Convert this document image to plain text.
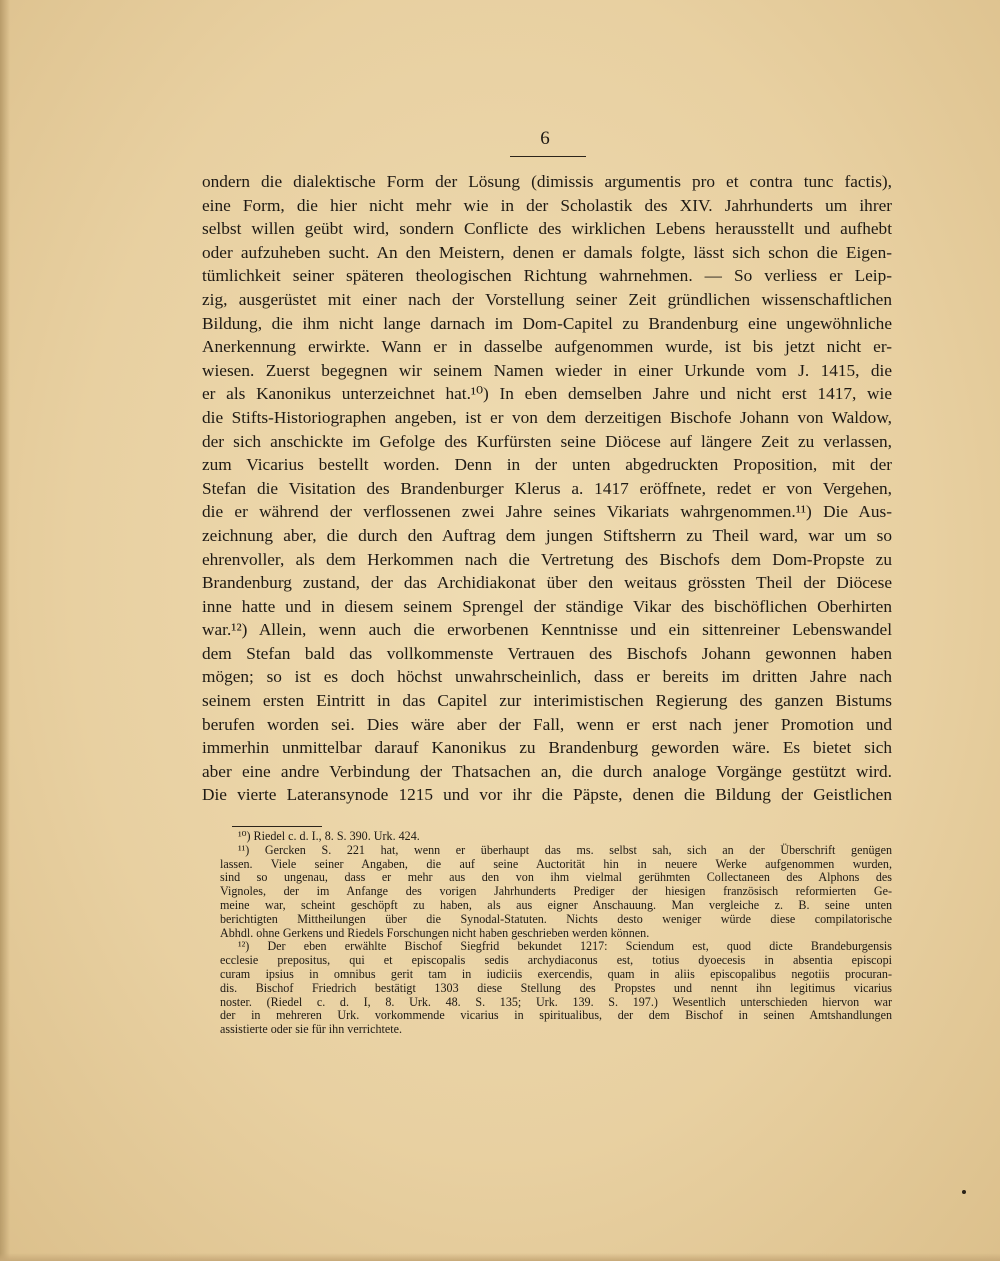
6
ondern die dialektische Form der Lösung (dimissis argumentis pro et contra tunc factis),
eine Form, die hier nicht mehr wie in der Scholastik des XIV. Jahrhunderts um ihrer
selbst willen geübt wird, sondern Conflicte des wirklichen Lebens herausstellt und aufhebt
oder aufzuheben sucht. An den Meistern, denen er damals folgte, lässt sich schon die Eigen-
tümlichkeit seiner späteren theologischen Richtung wahrnehmen. — So verliess er Leip-
zig, ausgerüstet mit einer nach der Vorstellung seiner Zeit gründlichen wissenschaftlichen
Bildung, die ihm nicht lange darnach im Dom-Capitel zu Brandenburg eine ungewöhnliche
Anerkennung erwirkte. Wann er in dasselbe aufgenommen wurde, ist bis jetzt nicht er-
wiesen. Zuerst begegnen wir seinem Namen wieder in einer Urkunde vom J. 1415, die
er als Kanonikus unterzeichnet hat.¹⁰) In eben demselben Jahre und nicht erst 1417, wie
die Stifts-Historiographen angeben, ist er von dem derzeitigen Bischofe Johann von Waldow,
der sich anschickte im Gefolge des Kurfürsten seine Diöcese auf längere Zeit zu verlassen,
zum Vicarius bestellt worden. Denn in der unten abgedruckten Proposition, mit der
Stefan die Visitation des Brandenburger Klerus a. 1417 eröffnete, redet er von Vergehen,
die er während der verflossenen zwei Jahre seines Vikariats wahrgenommen.¹¹) Die Aus-
zeichnung aber, die durch den Auftrag dem jungen Stiftsherrn zu Theil ward, war um so
ehrenvoller, als dem Herkommen nach die Vertretung des Bischofs dem Dom-Propste zu
Brandenburg zustand, der das Archidiakonat über den weitaus grössten Theil der Diöcese
inne hatte und in diesem seinem Sprengel der ständige Vikar des bischöflichen Oberhirten
war.¹²) Allein, wenn auch die erworbenen Kenntnisse und ein sittenreiner Lebenswandel
dem Stefan bald das vollkommenste Vertrauen des Bischofs Johann gewonnen haben
mögen; so ist es doch höchst unwahrscheinlich, dass er bereits im dritten Jahre nach
seinem ersten Eintritt in das Capitel zur interimistischen Regierung des ganzen Bistums
berufen worden sei. Dies wäre aber der Fall, wenn er erst nach jener Promotion und
immerhin unmittelbar darauf Kanonikus zu Brandenburg geworden wäre. Es bietet sich
aber eine andre Verbindung der Thatsachen an, die durch analoge Vorgänge gestützt wird.
Die vierte Lateransynode 1215 und vor ihr die Päpste, denen die Bildung der Geistlichen
¹⁰) Riedel c. d. I., 8. S. 390. Urk. 424.
¹¹) Gercken S. 221 hat, wenn er überhaupt das ms. selbst sah, sich an der Überschrift genügen
lassen. Viele seiner Angaben, die auf seine Auctorität hin in neuere Werke aufgenommen wurden,
sind so ungenau, dass er mehr aus den von ihm vielmal gerühmten Collectaneen des Alphons des
Vignoles, der im Anfange des vorigen Jahrhunderts Prediger der hiesigen französisch reformierten Ge-
meine war, scheint geschöpft zu haben, als aus eigner Anschauung. Man vergleiche z. B. seine unten
berichtigten Mittheilungen über die Synodal-Statuten. Nichts desto weniger würde diese compilatorische
Abhdl. ohne Gerkens und Riedels Forschungen nicht haben geschrieben werden können.
¹²) Der eben erwählte Bischof Siegfrid bekundet 1217: Sciendum est, quod dicte Brandeburgensis
ecclesie prepositus, qui et episcopalis sedis archydiaconus est, totius dyoecesis in absentia episcopi
curam ipsius in omnibus gerit tam in iudiciis exercendis, quam in aliis episcopalibus negotiis procuran-
dis. Bischof Friedrich bestätigt 1303 diese Stellung des Propstes und nennt ihn legitimus vicarius
noster. (Riedel c. d. I, 8. Urk. 48. S. 135; Urk. 139. S. 197.) Wesentlich unterschieden hiervon war
der in mehreren Urk. vorkommende vicarius in spiritualibus, der dem Bischof in seinen Amtshandlungen
assistierte oder sie für ihn verrichtete.
